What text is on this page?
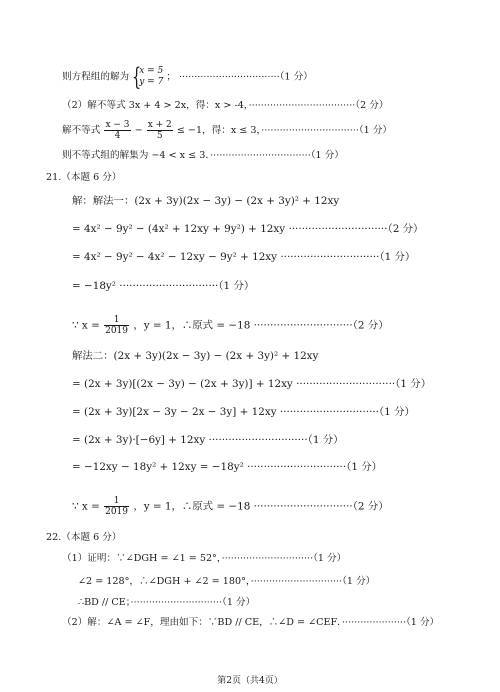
则方程组的解为 {
x = 5
y = 7 ； ·································（1 分）
（2）解不等式 3x + 4 > 2x，得：x > -4，···································（2 分）
解不等式 $\frac{x - 3}{4} - \frac{x + 2}{5} \le -1$，得：x ≤ 3，································（1 分）
则不等式组的解集为 −4 < x ≤ 3．·································（1 分）
21.（本题 6 分）
解：解法一：(2x + 3y)(2x − 3y) − (2x + 3y)² + 12xy
= 4x² − 9y² − (4x² + 12xy + 9y²) + 12xy ······························（2 分）
= 4x² − 9y² − 4x² − 12xy − 9y² + 12xy ······························（1 分）
= −18y² ······························（1 分）
∵ $x = \frac{1}{2019}$ ，y = 1，∴原式 = −18 ······························（2 分）
解法二：(2x + 3y)(2x − 3y) − (2x + 3y)² + 12xy
= (2x + 3y)[(2x − 3y) − (2x + 3y)] + 12xy ······························（1 分）
= (2x + 3y)[2x − 3y − 2x − 3y] + 12xy ······························（1 分）
= (2x + 3y)·[−6y] + 12xy ······························（1 分）
= −12xy − 18y² + 12xy = −18y² ······························（1 分）
∵ $x = \frac{1}{2019}$ ，y = 1，∴原式 = −18 ······························（2 分）
22.（本题 6 分）
（1）证明：∵∠DGH = ∠1 = 52°，······························（1 分）
∠2 = 128°，∴∠DGH + ∠2 = 180°，······························（1 分）
∴BD // CE；······························（1 分）
（2）解：∠A = ∠F，理由如下：∵BD // CE，∴∠D = ∠CEF．·····················（1 分）
第2页（共4页）
